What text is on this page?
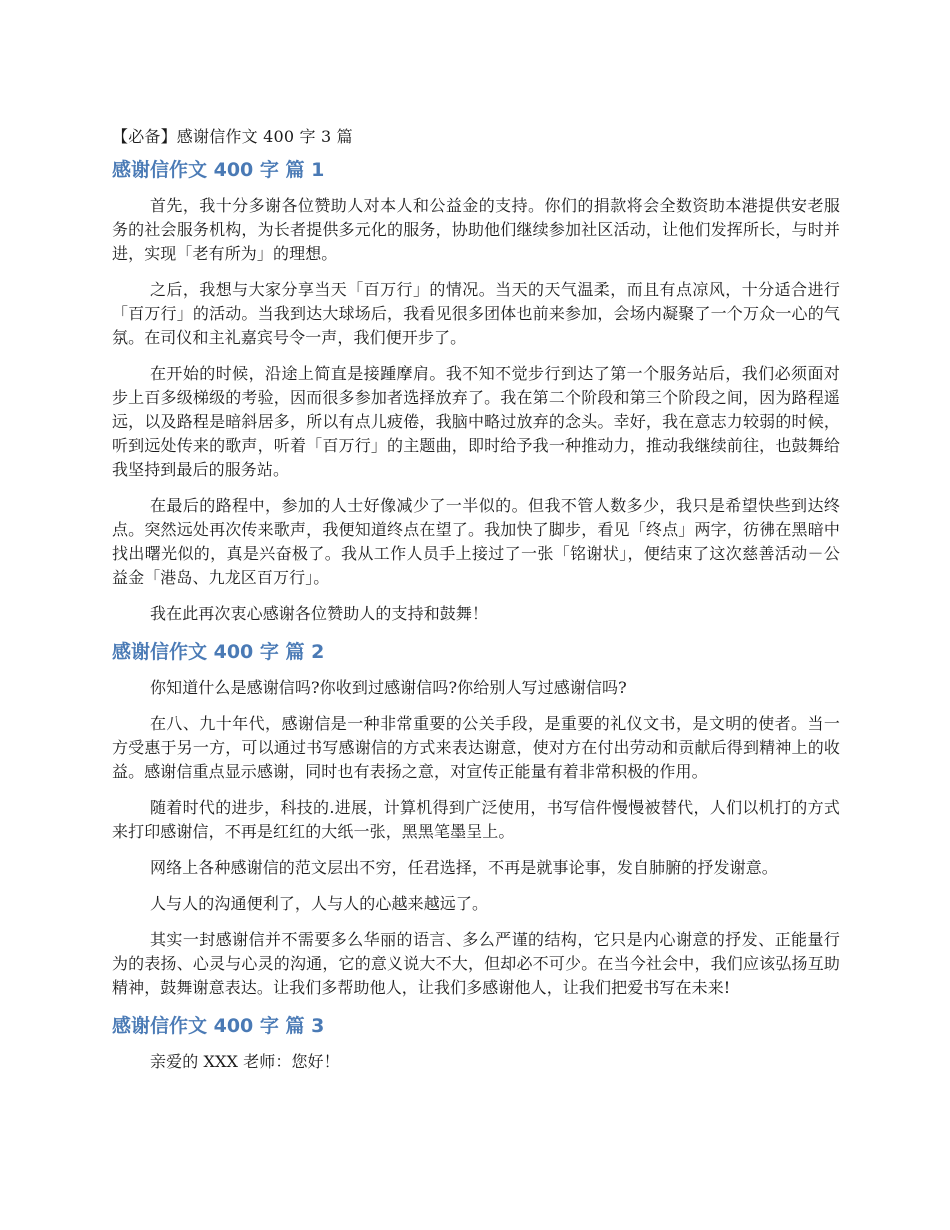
【必备】感谢信作文 400 字 3 篇
感谢信作文 400 字 篇 1

首先，我十分多谢各位赞助人对本人和公益金的支持。你们的捐款将会全数资助本港提供安老服务的社会服务机构，为长者提供多元化的服务，协助他们继续参加社区活动，让他们发挥所长，与时并进，实现「老有所为」的理想。

之后，我想与大家分享当天「百万行」的情况。当天的天气温柔，而且有点凉风，十分适合进行「百万行」的活动。当我到达大球场后，我看见很多团体也前来参加，会场内凝聚了一个万众一心的气氛。在司仪和主礼嘉宾号令一声，我们便开步了。

在开始的时候，沿途上简直是接踵摩肩。我不知不觉步行到达了第一个服务站后，我们必须面对步上百多级梯级的考验，因而很多参加者选择放弃了。我在第二个阶段和第三个阶段之间，因为路程遥远，以及路程是暗斜居多，所以有点儿疲倦，我脑中略过放弃的念头。幸好，我在意志力较弱的时候，听到远处传来的歌声，听着「百万行」的主题曲，即时给予我一种推动力，推动我继续前往，也鼓舞给我坚持到最后的服务站。

在最后的路程中，参加的人士好像减少了一半似的。但我不管人数多少，我只是希望快些到达终点。突然远处再次传来歌声，我便知道终点在望了。我加快了脚步，看见「终点」两字，彷彿在黑暗中找出曙光似的，真是兴奋极了。我从工作人员手上接过了一张「铭谢状」，便结束了这次慈善活动－公益金「港岛、九龙区百万行」。

我在此再次衷心感谢各位赞助人的支持和鼓舞！

感谢信作文 400 字 篇 2

你知道什么是感谢信吗?你收到过感谢信吗?你给别人写过感谢信吗?

在八、九十年代，感谢信是一种非常重要的公关手段，是重要的礼仪文书，是文明的使者。当一方受惠于另一方，可以通过书写感谢信的方式来表达谢意，使对方在付出劳动和贡献后得到精神上的收益。感谢信重点显示感谢，同时也有表扬之意，对宣传正能量有着非常积极的作用。

随着时代的进步，科技的.进展，计算机得到广泛使用，书写信件慢慢被替代，人们以机打的方式来打印感谢信，不再是红红的大纸一张，黑黑笔墨呈上。

网络上各种感谢信的范文层出不穷，任君选择，不再是就事论事，发自肺腑的抒发谢意。

人与人的沟通便利了，人与人的心越来越远了。

其实一封感谢信并不需要多么华丽的语言、多么严谨的结构，它只是内心谢意的抒发、正能量行为的表扬、心灵与心灵的沟通，它的意义说大不大，但却必不可少。在当今社会中，我们应该弘扬互助精神，鼓舞谢意表达。让我们多帮助他人，让我们多感谢他人，让我们把爱书写在未来!

感谢信作文 400 字 篇 3

亲爱的 XXX 老师：您好！
